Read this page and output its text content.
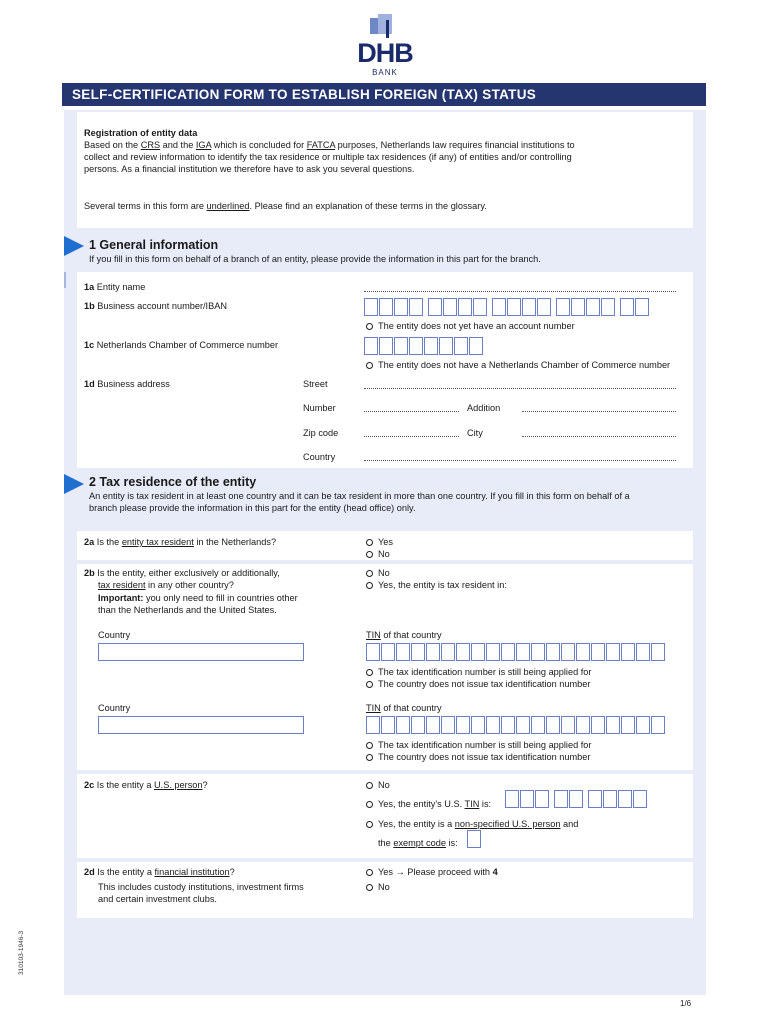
DHB
BANK
SELF-CERTIFICATION FORM TO ESTABLISH FOREIGN (TAX) STATUS
Registration of entity data
Based on the CRS and the IGA which is concluded for FATCA purposes, Netherlands law requires financial institutions to
collect and review information to identify the tax residence or multiple tax residences (if any) of entities and/or controlling
persons. As a financial institution we therefore have to ask you several questions.
Several terms in this form are underlined. Please find an explanation of these terms in the glossary.
1 General information
If you fill in this form on behalf of a branch of an entity, please provide the information in this part for the branch.
1a Entity name
1b Business account number/IBAN
The entity does not yet have an account number
1c Netherlands Chamber of Commerce number
The entity does not have a Netherlands Chamber of Commerce number
1d Business address	Street
Number	Addition
Zip code	City
Country
2 Tax residence of the entity
An entity is tax resident in at least one country and it can be tax resident in more than one country. If you fill in this form on behalf of a
branch please provide the information in this part for the entity (head office) only.
2a Is the entity tax resident in the Netherlands?	Yes
No
2b Is the entity, either exclusively or additionally,
tax resident in any other country?
Important: you only need to fill in countries other
than the Netherlands and the United States.
No
Yes, the entity is tax resident in:
Country	TIN of that country
The tax identification number is still being applied for
The country does not issue tax identification number
Country	TIN of that country
The tax identification number is still being applied for
The country does not issue tax identification number
2c Is the entity a U.S. person?	No
Yes, the entity's U.S. TIN is:
Yes, the entity is a non-specified U.S. person and
the exempt code is:
2d Is the entity a financial institution?
This includes custody institutions, investment firms
and certain investment clubs.
Yes → Please proceed with 4
No
1/6
310103-1946-3
